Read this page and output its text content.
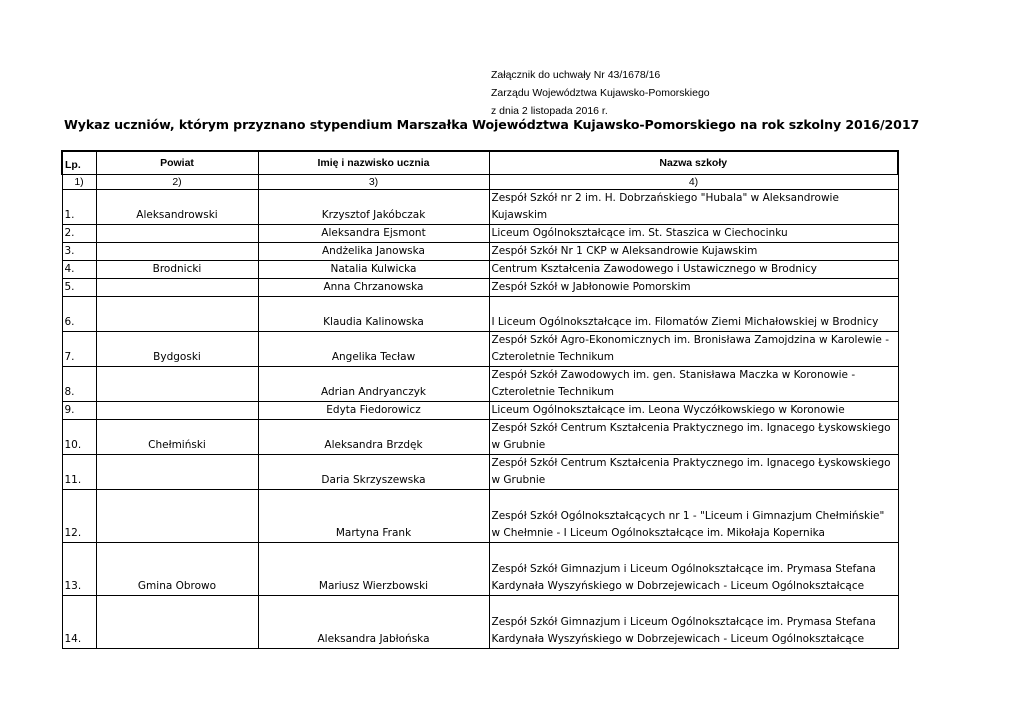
Załącznik do uchwały Nr 43/1678/16
Zarządu Województwa Kujawsko-Pomorskiego
z dnia 2 listopada 2016 r.
Wykaz uczniów, którym przyznano stypendium Marszałka Województwa Kujawsko-Pomorskiego na rok szkolny 2016/2017
Lp.	Powiat	Imię i nazwisko ucznia	Nazwa szkoły
1)	2)	3)	4)
1.	Aleksandrowski	Krzysztof Jakóbczak	Zespół Szkół nr 2 im. H. Dobrzańskiego "Hubala" w Aleksandrowie Kujawskim
2.		Aleksandra Ejsmont	Liceum Ogólnokształcące im. St. Staszica w Ciechocinku
3.		Andżelika Janowska	Zespół Szkół Nr 1 CKP w Aleksandrowie Kujawskim
4.	Brodnicki	Natalia Kulwicka	Centrum Kształcenia Zawodowego i Ustawicznego w Brodnicy
5.		Anna Chrzanowska	Zespół Szkół w Jabłonowie Pomorskim
6.		Klaudia Kalinowska	I Liceum Ogólnokształcące im. Filomatów Ziemi Michałowskiej w Brodnicy
7.	Bydgoski	Angelika Tecław	Zespół Szkół Agro-Ekonomicznych im. Bronisława Zamojdzina w Karolewie - Czteroletnie Technikum
8.		Adrian Andryanczyk	Zespół Szkół Zawodowych im. gen. Stanisława Maczka w Koronowie - Czteroletnie Technikum
9.		Edyta Fiedorowicz	Liceum Ogólnokształcące im. Leona Wyczółkowskiego w Koronowie
10.	Chełmiński	Aleksandra Brzdęk	Zespół Szkół Centrum Kształcenia Praktycznego im. Ignacego Łyskowskiego w Grubnie
11.		Daria Skrzyszewska	Zespół Szkół Centrum Kształcenia Praktycznego im. Ignacego Łyskowskiego w Grubnie
12.		Martyna Frank	Zespół Szkół Ogólnokształcących nr 1 - "Liceum i Gimnazjum Chełmińskie" w Chełmnie - I Liceum Ogólnokształcące im. Mikołaja Kopernika
13.	Gmina Obrowo	Mariusz Wierzbowski	Zespół Szkół Gimnazjum i Liceum Ogólnokształcące im. Prymasa Stefana Kardynała Wyszyńskiego w Dobrzejewicach - Liceum Ogólnokształcące
14.		Aleksandra Jabłońska	Zespół Szkół Gimnazjum i Liceum Ogólnokształcące im. Prymasa Stefana Kardynała Wyszyńskiego w Dobrzejewicach - Liceum Ogólnokształcące
